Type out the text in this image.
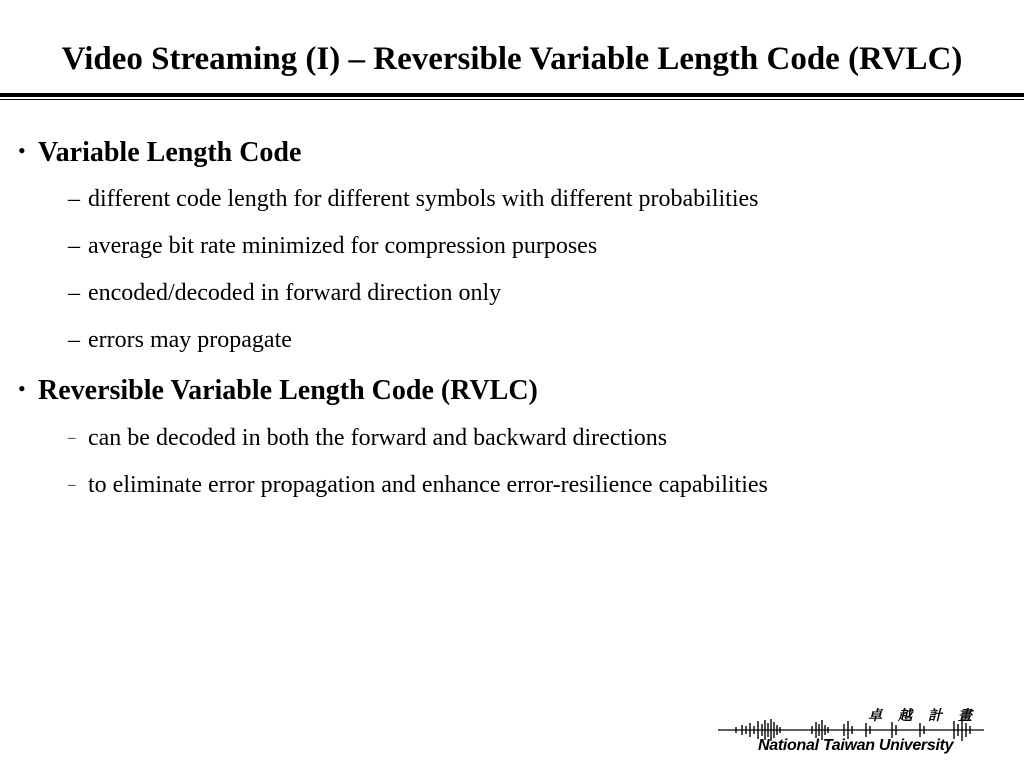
Video Streaming (I) – Reversible Variable Length Code (RVLC)
• Variable Length Code
– different code length for different symbols with different probabilities
– average bit rate minimized for compression purposes
– encoded/decoded in forward direction only
– errors may propagate
• Reversible Variable Length Code (RVLC)
– can be decoded in both the forward and backward directions
– to eliminate error propagation and enhance error-resilience capabilities
卓越計畫
National Taiwan University
